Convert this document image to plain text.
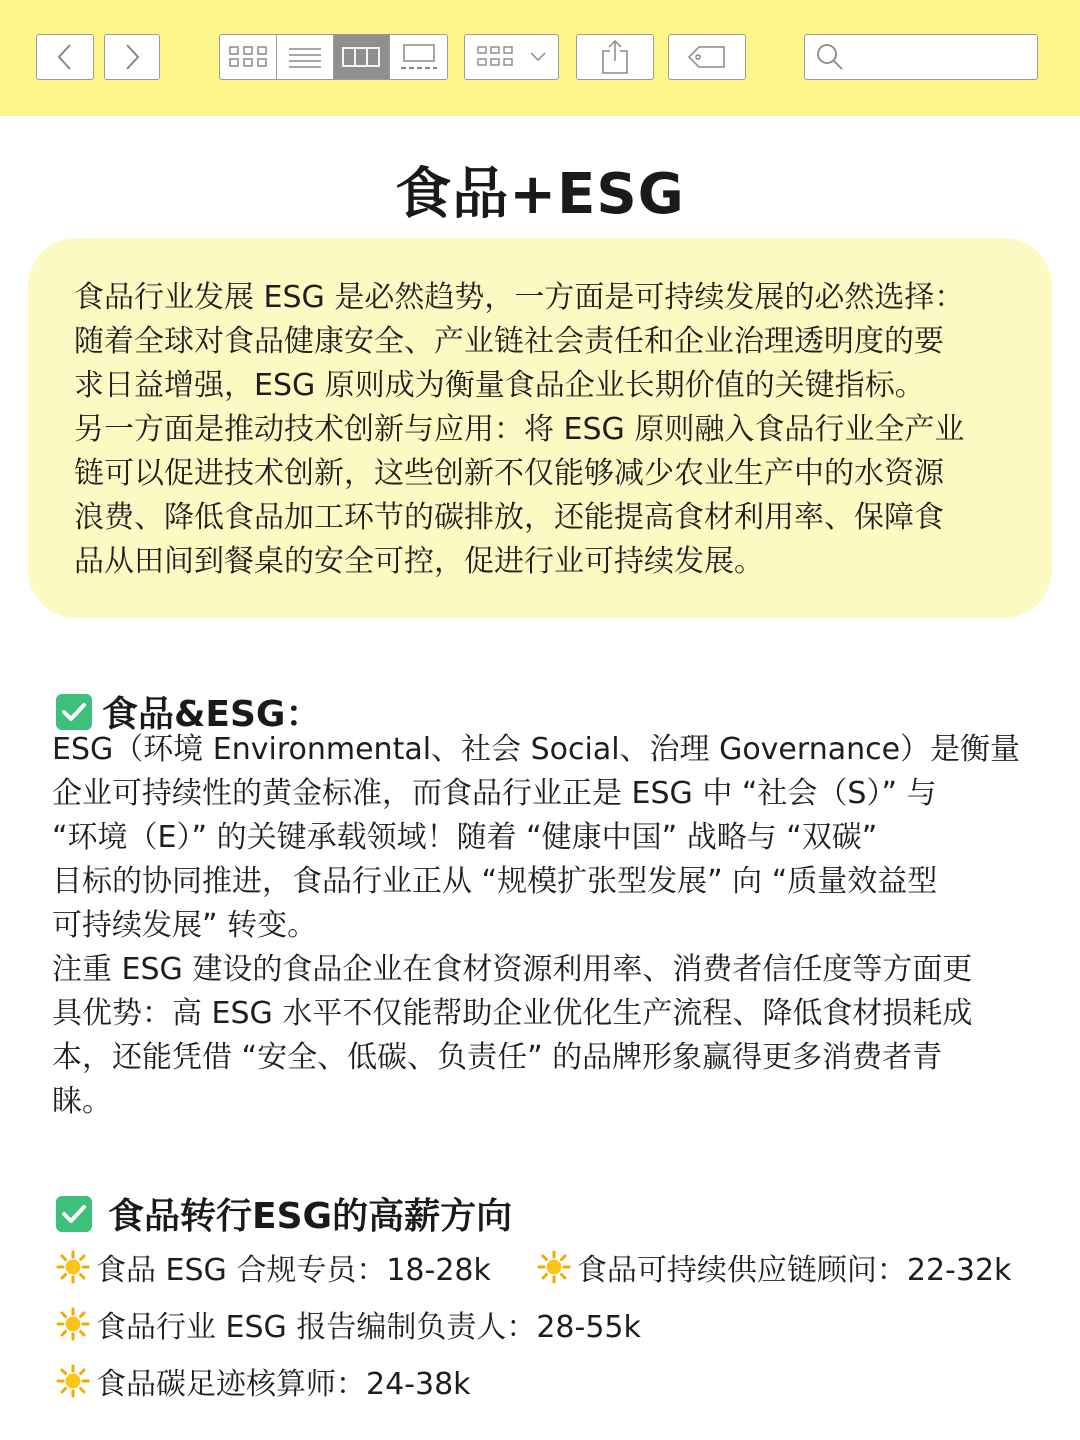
食品+ESG

食品行业发展 ESG 是必然趋势，一方面是可持续发展的必然选择：

随着全球对食品健康安全、产业链社会责任和企业治理透明度的要

求日益增强，ESG 原则成为衡量食品企业长期价值的关键指标。

另一方面是推动技术创新与应用：将 ESG 原则融入食品行业全产业

链可以促进技术创新，这些创新不仅能够减少农业生产中的水资源

浪费、降低食品加工环节的碳排放，还能提高食材利用率、保障食

品从田间到餐桌的安全可控，促进行业可持续发展。

食品&ESG：

ESG（环境 Environmental、社会 Social、治理 Governance）是衡量

企业可持续性的黄金标准，而食品行业正是 ESG 中 “社会（S）” 与

“环境（E）” 的关键承载领域！随着 “健康中国” 战略与 “双碳”

目标的协同推进，食品行业正从 “规模扩张型发展” 向 “质量效益型

可持续发展” 转变。

注重 ESG 建设的食品企业在食材资源利用率、消费者信任度等方面更

具优势：高 ESG 水平不仅能帮助企业优化生产流程、降低食材损耗成

本，还能凭借 “安全、低碳、负责任” 的品牌形象赢得更多消费者青

睐。

食品转行ESG的高薪方向
食品 ESG 合规专员：18-28k	食品可持续供应链顾问：22-32k
食品行业 ESG 报告编制负责人：28-55k
食品碳足迹核算师：24-38k
